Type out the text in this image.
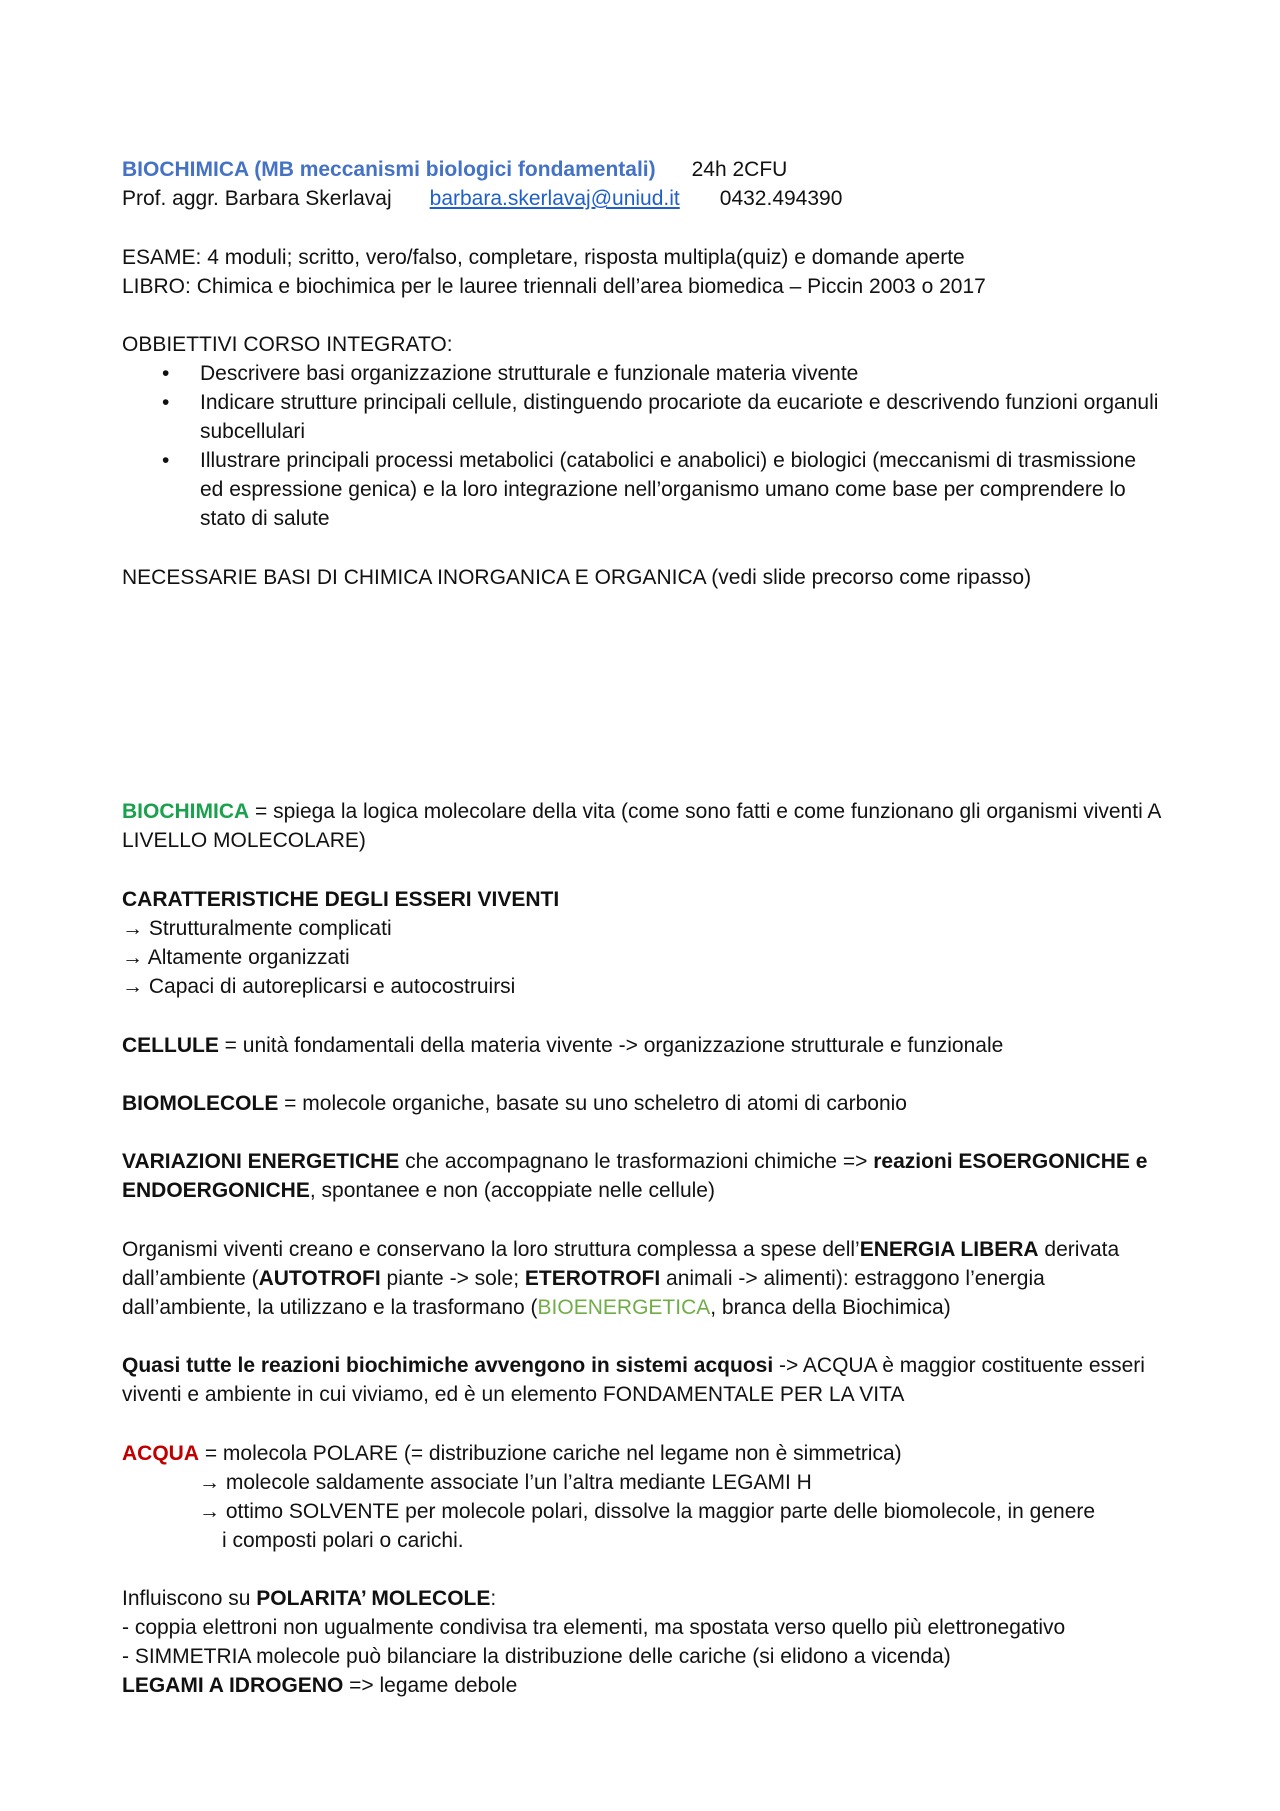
BIOCHIMICA (MB meccanismi biologici fondamentali) 24h 2CFU
Prof. aggr. Barbara Skerlavaj barbara.skerlavaj@uniud.it 0432.494390
ESAME: 4 moduli; scritto, vero/falso, completare, risposta multipla(quiz) e domande aperte
LIBRO: Chimica e biochimica per le lauree triennali dell’area biomedica – Piccin 2003 o 2017
OBBIETTIVI CORSO INTEGRATO:
• Descrivere basi organizzazione strutturale e funzionale materia vivente
• Indicare strutture principali cellule, distinguendo procariote da eucariote e descrivendo funzioni organuli subcellulari
• Illustrare principali processi metabolici (catabolici e anabolici) e biologici (meccanismi di trasmissione ed espressione genica) e la loro integrazione nell’organismo umano come base per comprendere lo stato di salute
NECESSARIE BASI DI CHIMICA INORGANICA E ORGANICA (vedi slide precorso come ripasso)
BIOCHIMICA = spiega la logica molecolare della vita (come sono fatti e come funzionano gli organismi viventi A LIVELLO MOLECOLARE)
CARATTERISTICHE DEGLI ESSERI VIVENTI
→ Strutturalmente complicati
→ Altamente organizzati
→ Capaci di autoreplicarsi e autocostruirsi
CELLULE = unità fondamentali della materia vivente -> organizzazione strutturale e funzionale
BIOMOLECOLE = molecole organiche, basate su uno scheletro di atomi di carbonio
VARIAZIONI ENERGETICHE che accompagnano le trasformazioni chimiche => reazioni ESOERGONICHE e ENDOERGONICHE, spontanee e non (accoppiate nelle cellule)
Organismi viventi creano e conservano la loro struttura complessa a spese dell’ENERGIA LIBERA derivata dall’ambiente (AUTOTROFI piante -> sole; ETEROTROFI animali -> alimenti): estraggono l’energia dall’ambiente, la utilizzano e la trasformano (BIOENERGETICA, branca della Biochimica)
Quasi tutte le reazioni biochimiche avvengono in sistemi acquosi -> ACQUA è maggior costituente esseri viventi e ambiente in cui viviamo, ed è un elemento FONDAMENTALE PER LA VITA
ACQUA = molecola POLARE (= distribuzione cariche nel legame non è simmetrica)
→ molecole saldamente associate l’un l’altra mediante LEGAMI H
→ ottimo SOLVENTE per molecole polari, dissolve la maggior parte delle biomolecole, in genere
i composti polari o carichi.
Influiscono su POLARITA’ MOLECOLE:
- coppia elettroni non ugualmente condivisa tra elementi, ma spostata verso quello più elettronegativo
- SIMMETRIA molecole può bilanciare la distribuzione delle cariche (si elidono a vicenda)
LEGAMI A IDROGENO => legame debole
